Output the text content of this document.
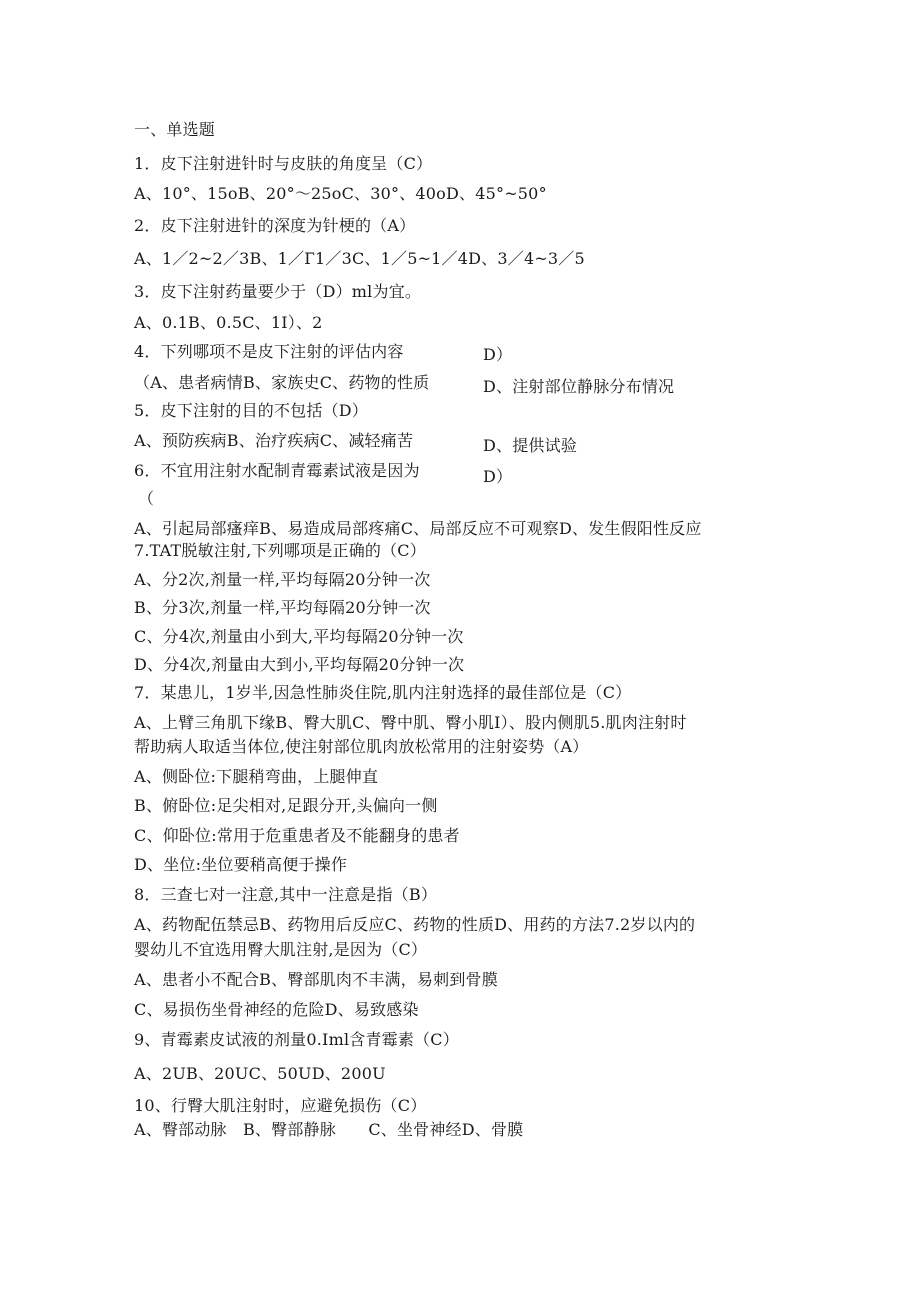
一、单选题
1．皮下注射进针时与皮肤的角度呈（C）
A、10°、15oB、20°～25oC、30°、40oD、45°~50°
2．皮下注射进针的深度为针梗的（A）
A、1／2~2／3B、1／Г1／3C、1／5~1／4D、3／4~3／5
3．皮下注射药量要少于（D）ml为宜。
A、0.1B、0.5C、1I）、2
4．下列哪项不是皮下注射的评估内容
（A、患者病情B、家族史C、药物的性质
5．皮下注射的目的不包括（D）
A、预防疾病B、治疗疾病C、减轻痛苦
6．不宜用注射水配制青霉素试液是因为
（
D）
D、注射部位静脉分布情况
D、提供试验
D）
A、引起局部瘙痒B、易造成局部疼痛C、局部反应不可观察D、发生假阳性反应
7.TAT脱敏注射,下列哪项是正确的（C）
A、分2次,剂量一样,平均每隔20分钟一次
B、分3次,剂量一样,平均每隔20分钟一次
C、分4次,剂量由小到大,平均每隔20分钟一次
D、分4次,剂量由大到小,平均每隔20分钟一次
7．某患儿，1岁半,因急性肺炎住院,肌内注射选择的最佳部位是（C）
A、上臂三角肌下缘B、臀大肌C、臀中肌、臀小肌I）、股内侧肌5.肌肉注射时
帮助病人取适当体位,使注射部位肌肉放松常用的注射姿势（A）
A、侧卧位:下腿稍弯曲，上腿伸直
B、俯卧位:足尖相对,足跟分开,头偏向一侧
C、仰卧位:常用于危重患者及不能翻身的患者
D、坐位:坐位要稍高便于操作
8．三查七对一注意,其中一注意是指（B）
A、药物配伍禁忌B、药物用后反应C、药物的性质D、用药的方法7.2岁以内的
婴幼儿不宜选用臀大肌注射,是因为（C）
A、患者小不配合B、臀部肌肉不丰满，易刺到骨膜
C、易损伤坐骨神经的危险D、易致感染
9、青霉素皮试液的剂量0.Iml含青霉素（C）
A、2UB、20UC、50UD、200U
10、行臀大肌注射时，应避免损伤（C）
A、臀部动脉　B、臀部静脉　　C、坐骨神经D、骨膜
